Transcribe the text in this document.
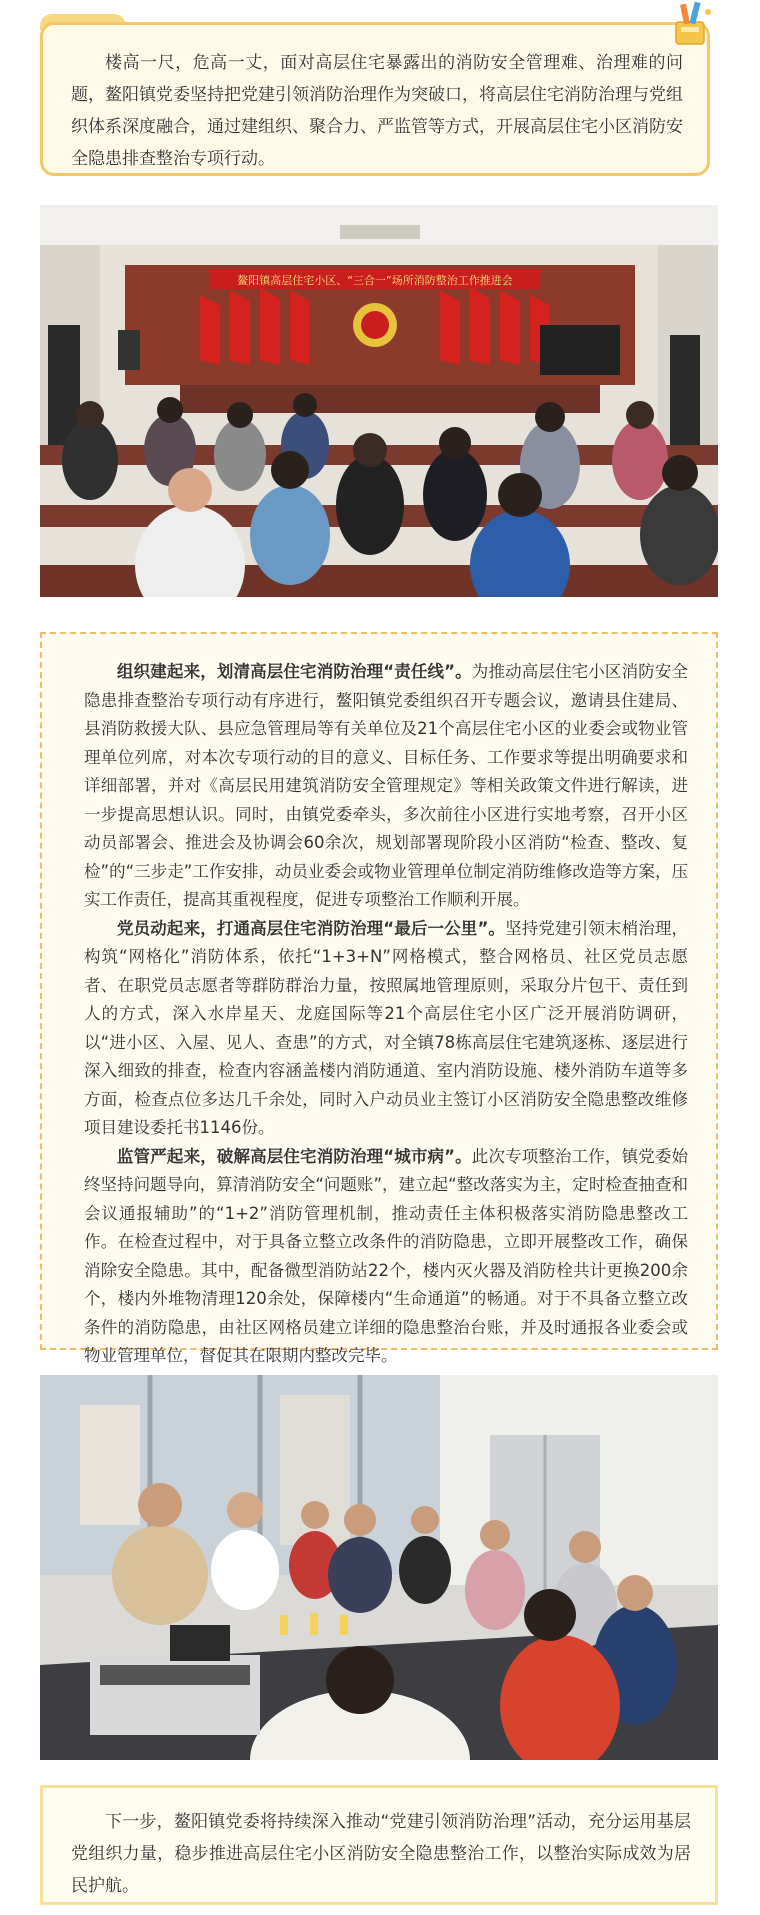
楼高一尺，危高一丈，面对高层住宅暴露出的消防安全管理难、治理难的问题，鳌阳镇党委坚持把党建引领消防治理作为突破口，将高层住宅消防治理与党组织体系深度融合，通过建组织、聚合力、严监管等方式，开展高层住宅小区消防安全隐患排查整治专项行动。

鳌阳镇高层住宅小区、“三合一”场所消防整治工作推进会

组织建起来，划清高层住宅消防治理“责任线”。为推动高层住宅小区消防安全隐患排查整治专项行动有序进行，鳌阳镇党委组织召开专题会议，邀请县住建局、县消防救援大队、县应急管理局等有关单位及21个高层住宅小区的业委会或物业管理单位列席，对本次专项行动的目的意义、目标任务、工作要求等提出明确要求和详细部署，并对《高层民用建筑消防安全管理规定》等相关政策文件进行解读，进一步提高思想认识。同时，由镇党委牵头，多次前往小区进行实地考察，召开小区动员部署会、推进会及协调会60余次，规划部署现阶段小区消防“检查、整改、复检”的“三步走”工作安排，动员业委会或物业管理单位制定消防维修改造等方案，压实工作责任，提高其重视程度，促进专项整治工作顺利开展。

党员动起来，打通高层住宅消防治理“最后一公里”。坚持党建引领末梢治理，构筑“网格化”消防体系，依托“1+3+N”网格模式，整合网格员、社区党员志愿者、在职党员志愿者等群防群治力量，按照属地管理原则，采取分片包干、责任到人的方式，深入水岸星天、龙庭国际等21个高层住宅小区广泛开展消防调研，以“进小区、入屋、见人、查患”的方式，对全镇78栋高层住宅建筑逐栋、逐层进行深入细致的排查，检查内容涵盖楼内消防通道、室内消防设施、楼外消防车道等多方面，检查点位多达几千余处，同时入户动员业主签订小区消防安全隐患整改维修项目建设委托书1146份。

监管严起来，破解高层住宅消防治理“城市病”。此次专项整治工作，镇党委始终坚持问题导向，算清消防安全“问题账”，建立起“整改落实为主，定时检查抽查和会议通报辅助”的“1+2”消防管理机制，推动责任主体积极落实消防隐患整改工作。在检查过程中，对于具备立整立改条件的消防隐患，立即开展整改工作，确保消除安全隐患。其中，配备微型消防站22个，楼内灭火器及消防栓共计更换200余个，楼内外堆物清理120余处，保障楼内“生命通道”的畅通。对于不具备立整立改条件的消防隐患，由社区网格员建立详细的隐患整治台账，并及时通报各业委会或物业管理单位，督促其在限期内整改完毕。

下一步，鳌阳镇党委将持续深入推动“党建引领消防治理”活动，充分运用基层党组织力量，稳步推进高层住宅小区消防安全隐患整治工作，以整治实际成效为居民护航。
